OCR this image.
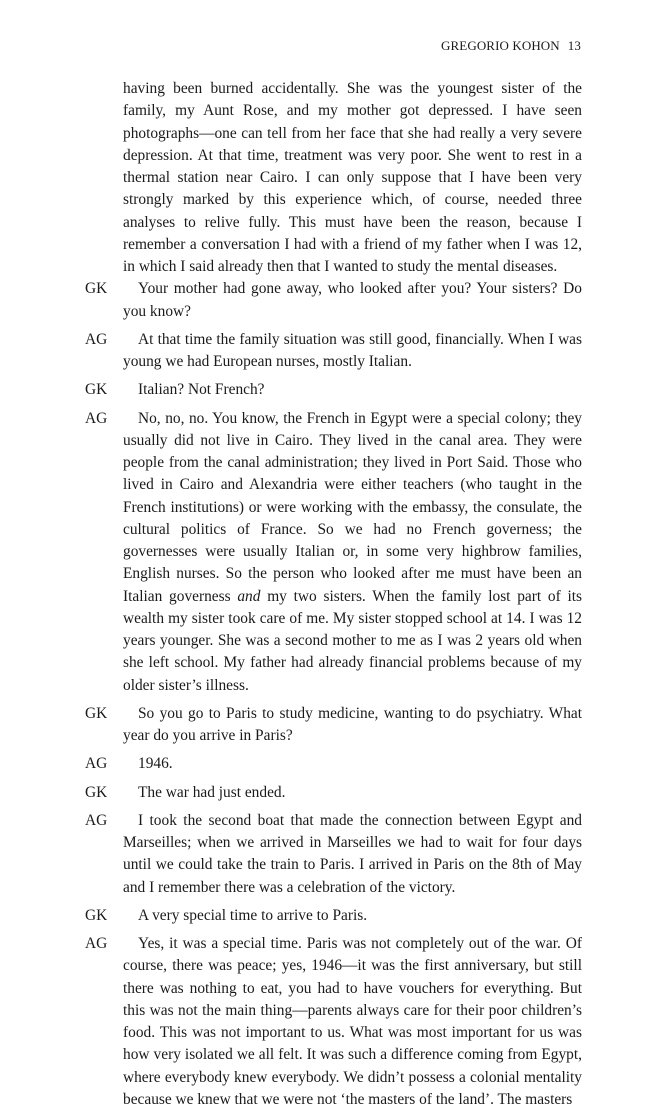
GREGORIO KOHON 13

having been burned accidentally. She was the youngest sister of the family, my Aunt Rose, and my mother got depressed. I have seen photographs—one can tell from her face that she had really a very severe depression. At that time, treatment was very poor. She went to rest in a thermal station near Cairo. I can only suppose that I have been very strongly marked by this experience which, of course, needed three analyses to relive fully. This must have been the reason, because I remember a conversation I had with a friend of my father when I was 12, in which I said already then that I wanted to study the mental diseases.

GK	Your mother had gone away, who looked after you? Your sisters? Do you know?
AG	At that time the family situation was still good, financially. When I was young we had European nurses, mostly Italian.
GK	Italian? Not French?
AG	No, no, no. You know, the French in Egypt were a special colony; they usually did not live in Cairo. They lived in the canal area. They were people from the canal administration; they lived in Port Said. Those who lived in Cairo and Alexandria were either teachers (who taught in the French institutions) or were working with the embassy, the consulate, the cultural politics of France. So we had no French governess; the governesses were usually Italian or, in some very highbrow families, English nurses. So the person who looked after me must have been an Italian governess and my two sisters. When the family lost part of its wealth my sister took care of me. My sister stopped school at 14. I was 12 years younger. She was a second mother to me as I was 2 years old when she left school. My father had already financial problems because of my older sister’s illness.
GK	So you go to Paris to study medicine, wanting to do psychiatry. What year do you arrive in Paris?
AG	1946.
GK	The war had just ended.
AG	I took the second boat that made the connection between Egypt and Marseilles; when we arrived in Marseilles we had to wait for four days until we could take the train to Paris. I arrived in Paris on the 8th of May and I remember there was a celebration of the victory.
GK	A very special time to arrive to Paris.
AG	Yes, it was a special time. Paris was not completely out of the war. Of course, there was peace; yes, 1946—it was the first anniversary, but still there was nothing to eat, you had to have vouchers for everything. But this was not the main thing—parents always care for their poor children’s food. This was not important to us. What was most important for us was how very isolated we all felt. It was such a difference coming from Egypt, where everybody knew everybody. We didn’t possess a colonial mentality because we knew that we were not ‘the masters of the land’. The masters
